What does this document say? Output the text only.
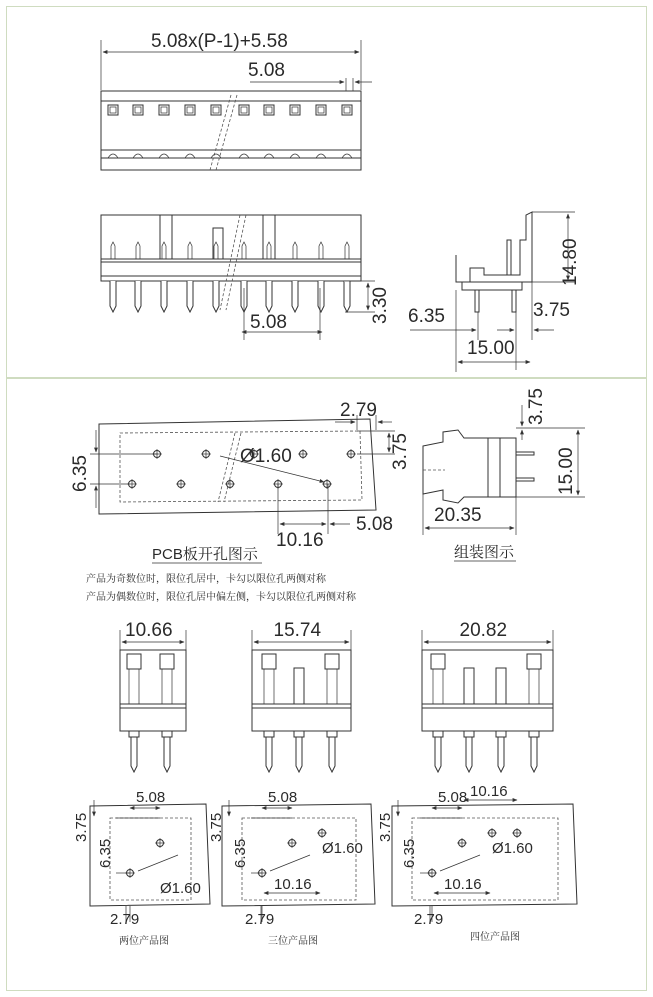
5.08x(P-1)+5.58
5.08
5.08	3.30
14.80
3.75
6.35
15.00
2.79
3.75
6.35	Ø1.60
5.08
10.16
PCB板开孔图示
15.00
3.75
20.35
组装图示
产品为奇数位时，限位孔居中，卡勾以限位孔两侧对称
产品为偶数位时，限位孔居中偏左侧，卡勾以限位孔两侧对称
10.66
3.75
6.35
5.08
Ø1.60
2.79
两位产品图
15.74
3.75
6.35
5.08
Ø1.60
10.16
2.79
三位产品图
20.82
3.75
6.35
5.08 10.16
Ø1.60
10.16
2.79
四位产品图
